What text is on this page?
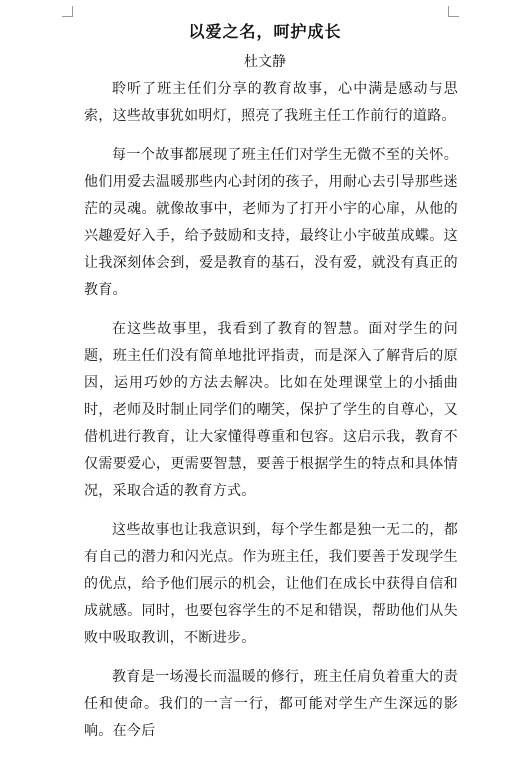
以爱之名，呵护成长

杜文静

聆听了班主任们分享的教育故事，心中满是感动与思索，这些故事犹如明灯，照亮了我班主任工作前行的道路。

每一个故事都展现了班主任们对学生无微不至的关怀。他们用爱去温暖那些内心封闭的孩子，用耐心去引导那些迷茫的灵魂。就像故事中，老师为了打开小宇的心扉，从他的兴趣爱好入手，给予鼓励和支持，最终让小宇破茧成蝶。这让我深刻体会到，爱是教育的基石，没有爱，就没有真正的教育。

在这些故事里，我看到了教育的智慧。面对学生的问题，班主任们没有简单地批评指责，而是深入了解背后的原因，运用巧妙的方法去解决。比如在处理课堂上的小插曲时，老师及时制止同学们的嘲笑，保护了学生的自尊心，又借机进行教育，让大家懂得尊重和包容。这启示我，教育不仅需要爱心，更需要智慧，要善于根据学生的特点和具体情况，采取合适的教育方式。

这些故事也让我意识到，每个学生都是独一无二的，都有自己的潜力和闪光点。作为班主任，我们要善于发现学生的优点，给予他们展示的机会，让他们在成长中获得自信和成就感。同时，也要包容学生的不足和错误，帮助他们从失败中吸取教训，不断进步。

教育是一场漫长而温暖的修行，班主任肩负着重大的责任和使命。我们的一言一行，都可能对学生产生深远的影响。在今后
